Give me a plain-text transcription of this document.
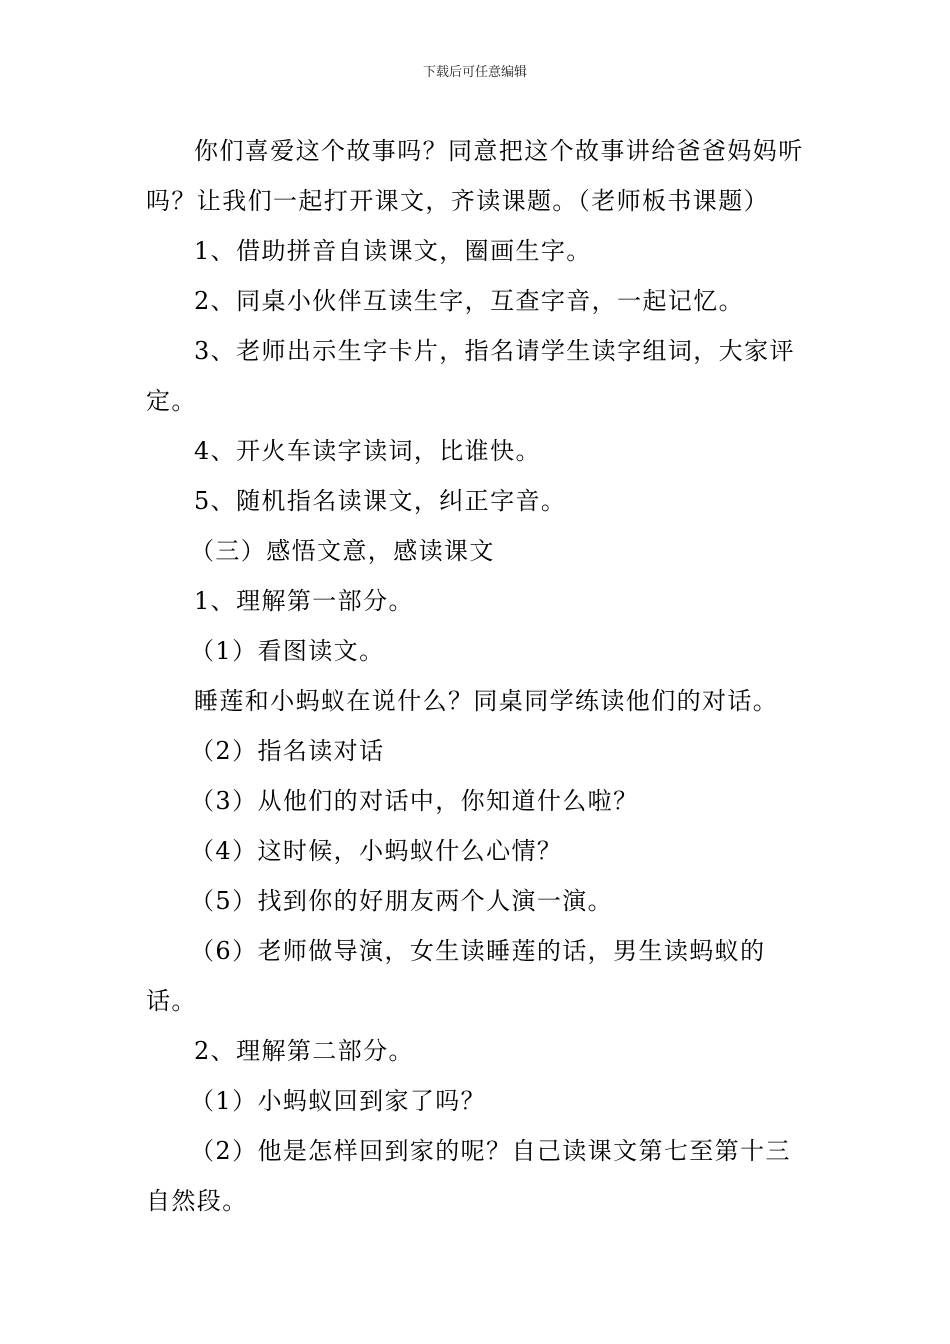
下载后可任意编辑

你们喜爱这个故事吗？同意把这个故事讲给爸爸妈妈听吗？让我们一起打开课文，齐读课题。（老师板书课题）

1、借助拼音自读课文，圈画生字。

2、同桌小伙伴互读生字，互查字音，一起记忆。

3、老师出示生字卡片，指名请学生读字组词，大家评定。

4、开火车读字读词，比谁快。

5、随机指名读课文，纠正字音。

（三）感悟文意，感读课文

1、理解第一部分。

（1）看图读文。

睡莲和小蚂蚁在说什么？同桌同学练读他们的对话。

（2）指名读对话

（3）从他们的对话中，你知道什么啦？

（4）这时候，小蚂蚁什么心情？

（5）找到你的好朋友两个人演一演。

（6）老师做导演，女生读睡莲的话，男生读蚂蚁的话。

2、理解第二部分。

（1）小蚂蚁回到家了吗？

（2）他是怎样回到家的呢？自己读课文第七至第十三自然段。
